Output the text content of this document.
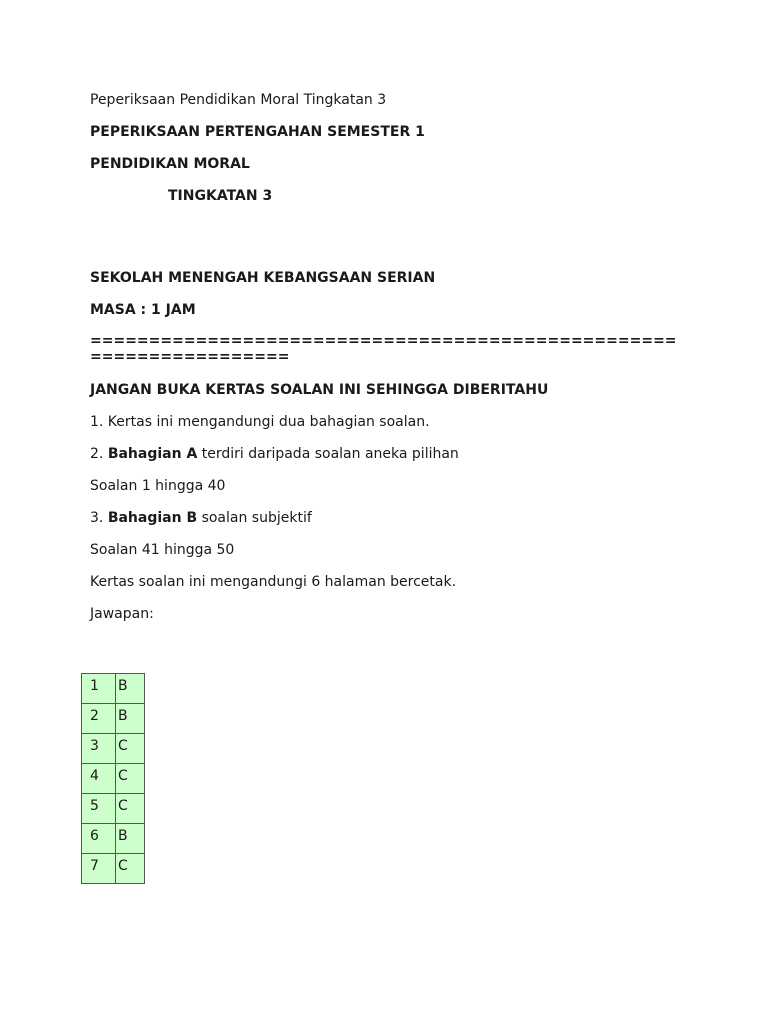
Peperiksaan Pendidikan Moral Tingkatan 3

PEPERIKSAAN PERTENGAHAN SEMESTER 1

PENDIDIKAN MORAL

TINGKATAN 3

SEKOLAH MENENGAH KEBANGSAAN SERIAN

MASA : 1 JAM

==================================================
=================

JANGAN BUKA KERTAS SOALAN INI SEHINGGA DIBERITAHU

1. Kertas ini mengandungi dua bahagian soalan.

2. Bahagian A terdiri daripada soalan aneka pilihan

Soalan 1 hingga 40

3. Bahagian B soalan subjektif

Soalan 41 hingga 50

Kertas soalan ini mengandungi 6 halaman bercetak.

Jawapan:

1	B
2	B
3	C
4	C
5	C
6	B
7	C
